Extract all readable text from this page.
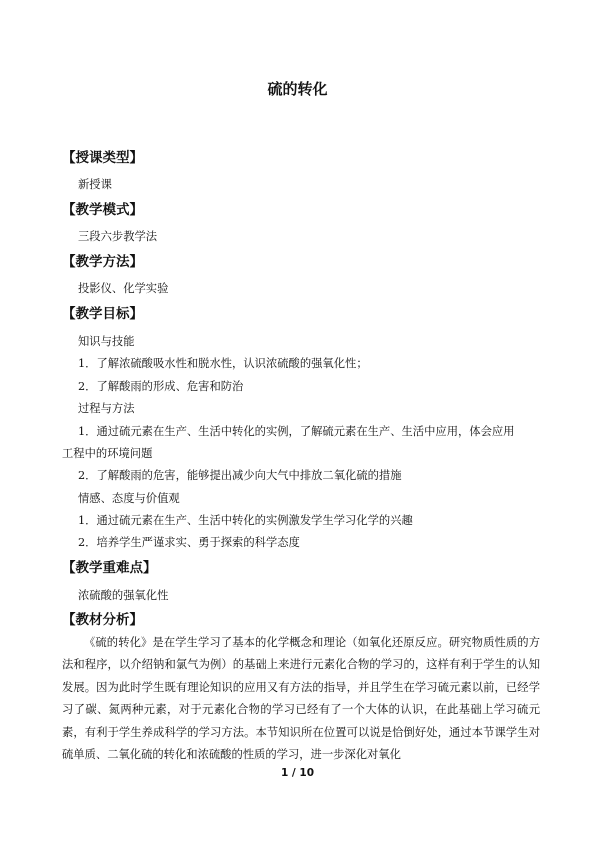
硫的转化
【授课类型】
新授课
【教学模式】
三段六步教学法
【教学方法】
投影仪、化学实验
【教学目标】
知识与技能
1．了解浓硫酸吸水性和脱水性，认识浓硫酸的强氧化性；
2．了解酸雨的形成、危害和防治
过程与方法
1．通过硫元素在生产、生活中转化的实例，了解硫元素在生产、生活中应用，体会应用
工程中的环境问题
2．了解酸雨的危害，能够提出减少向大气中排放二氧化硫的措施
情感、态度与价值观
1．通过硫元素在生产、生活中转化的实例激发学生学习化学的兴趣
2．培养学生严谨求实、勇于探索的科学态度
【教学重难点】
浓硫酸的强氧化性
【教材分析】
《硫的转化》是在学生学习了基本的化学概念和理论（如氧化还原反应。研究物质性质的方法和程序，以介绍钠和氯气为例）的基础上来进行元素化合物的学习的，这样有利于学生的认知发展。因为此时学生既有理论知识的应用又有方法的指导，并且学生在学习硫元素以前，已经学习了碳、氮两种元素，对于元素化合物的学习已经有了一个大体的认识，在此基础上学习硫元素，有利于学生养成科学的学习方法。本节知识所在位置可以说是恰倒好处，通过本节课学生对硫单质、二氧化硫的转化和浓硫酸的性质的学习，进一步深化对氧化
1 / 10
